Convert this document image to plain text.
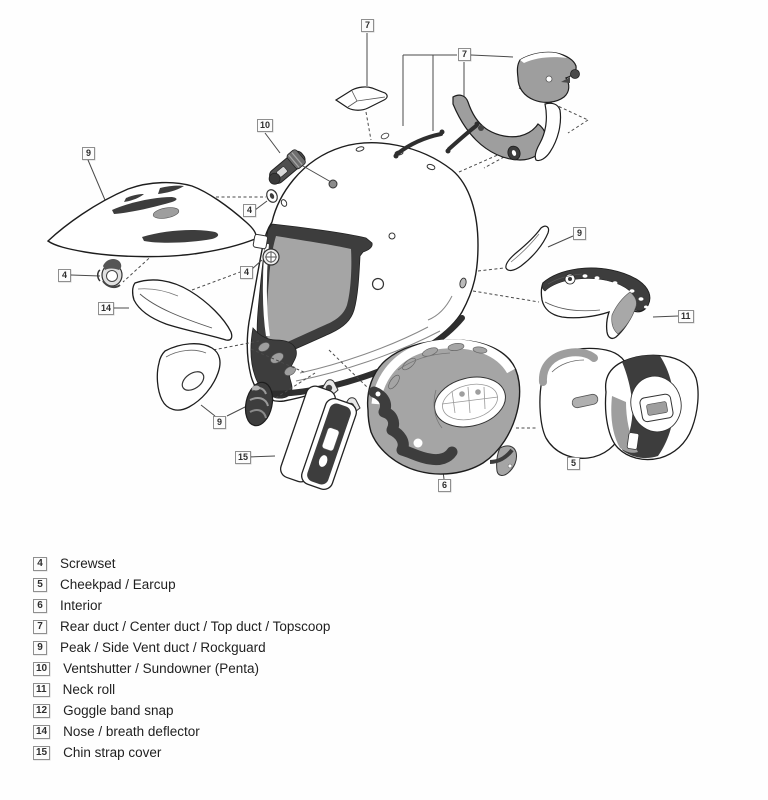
7
7
10
9
4
4
4
14
9
11
9
15
6
5
4	Screwset
5	Cheekpad / Earcup
6	Interior
7	Rear duct / Center duct / Top duct / Topscoop
9	Peak / Side Vent duct / Rockguard
10 Ventshutter / Sundowner (Penta)
11 Neck roll
12 Goggle band snap
14 Nose / breath deflector
15 Chin strap cover
